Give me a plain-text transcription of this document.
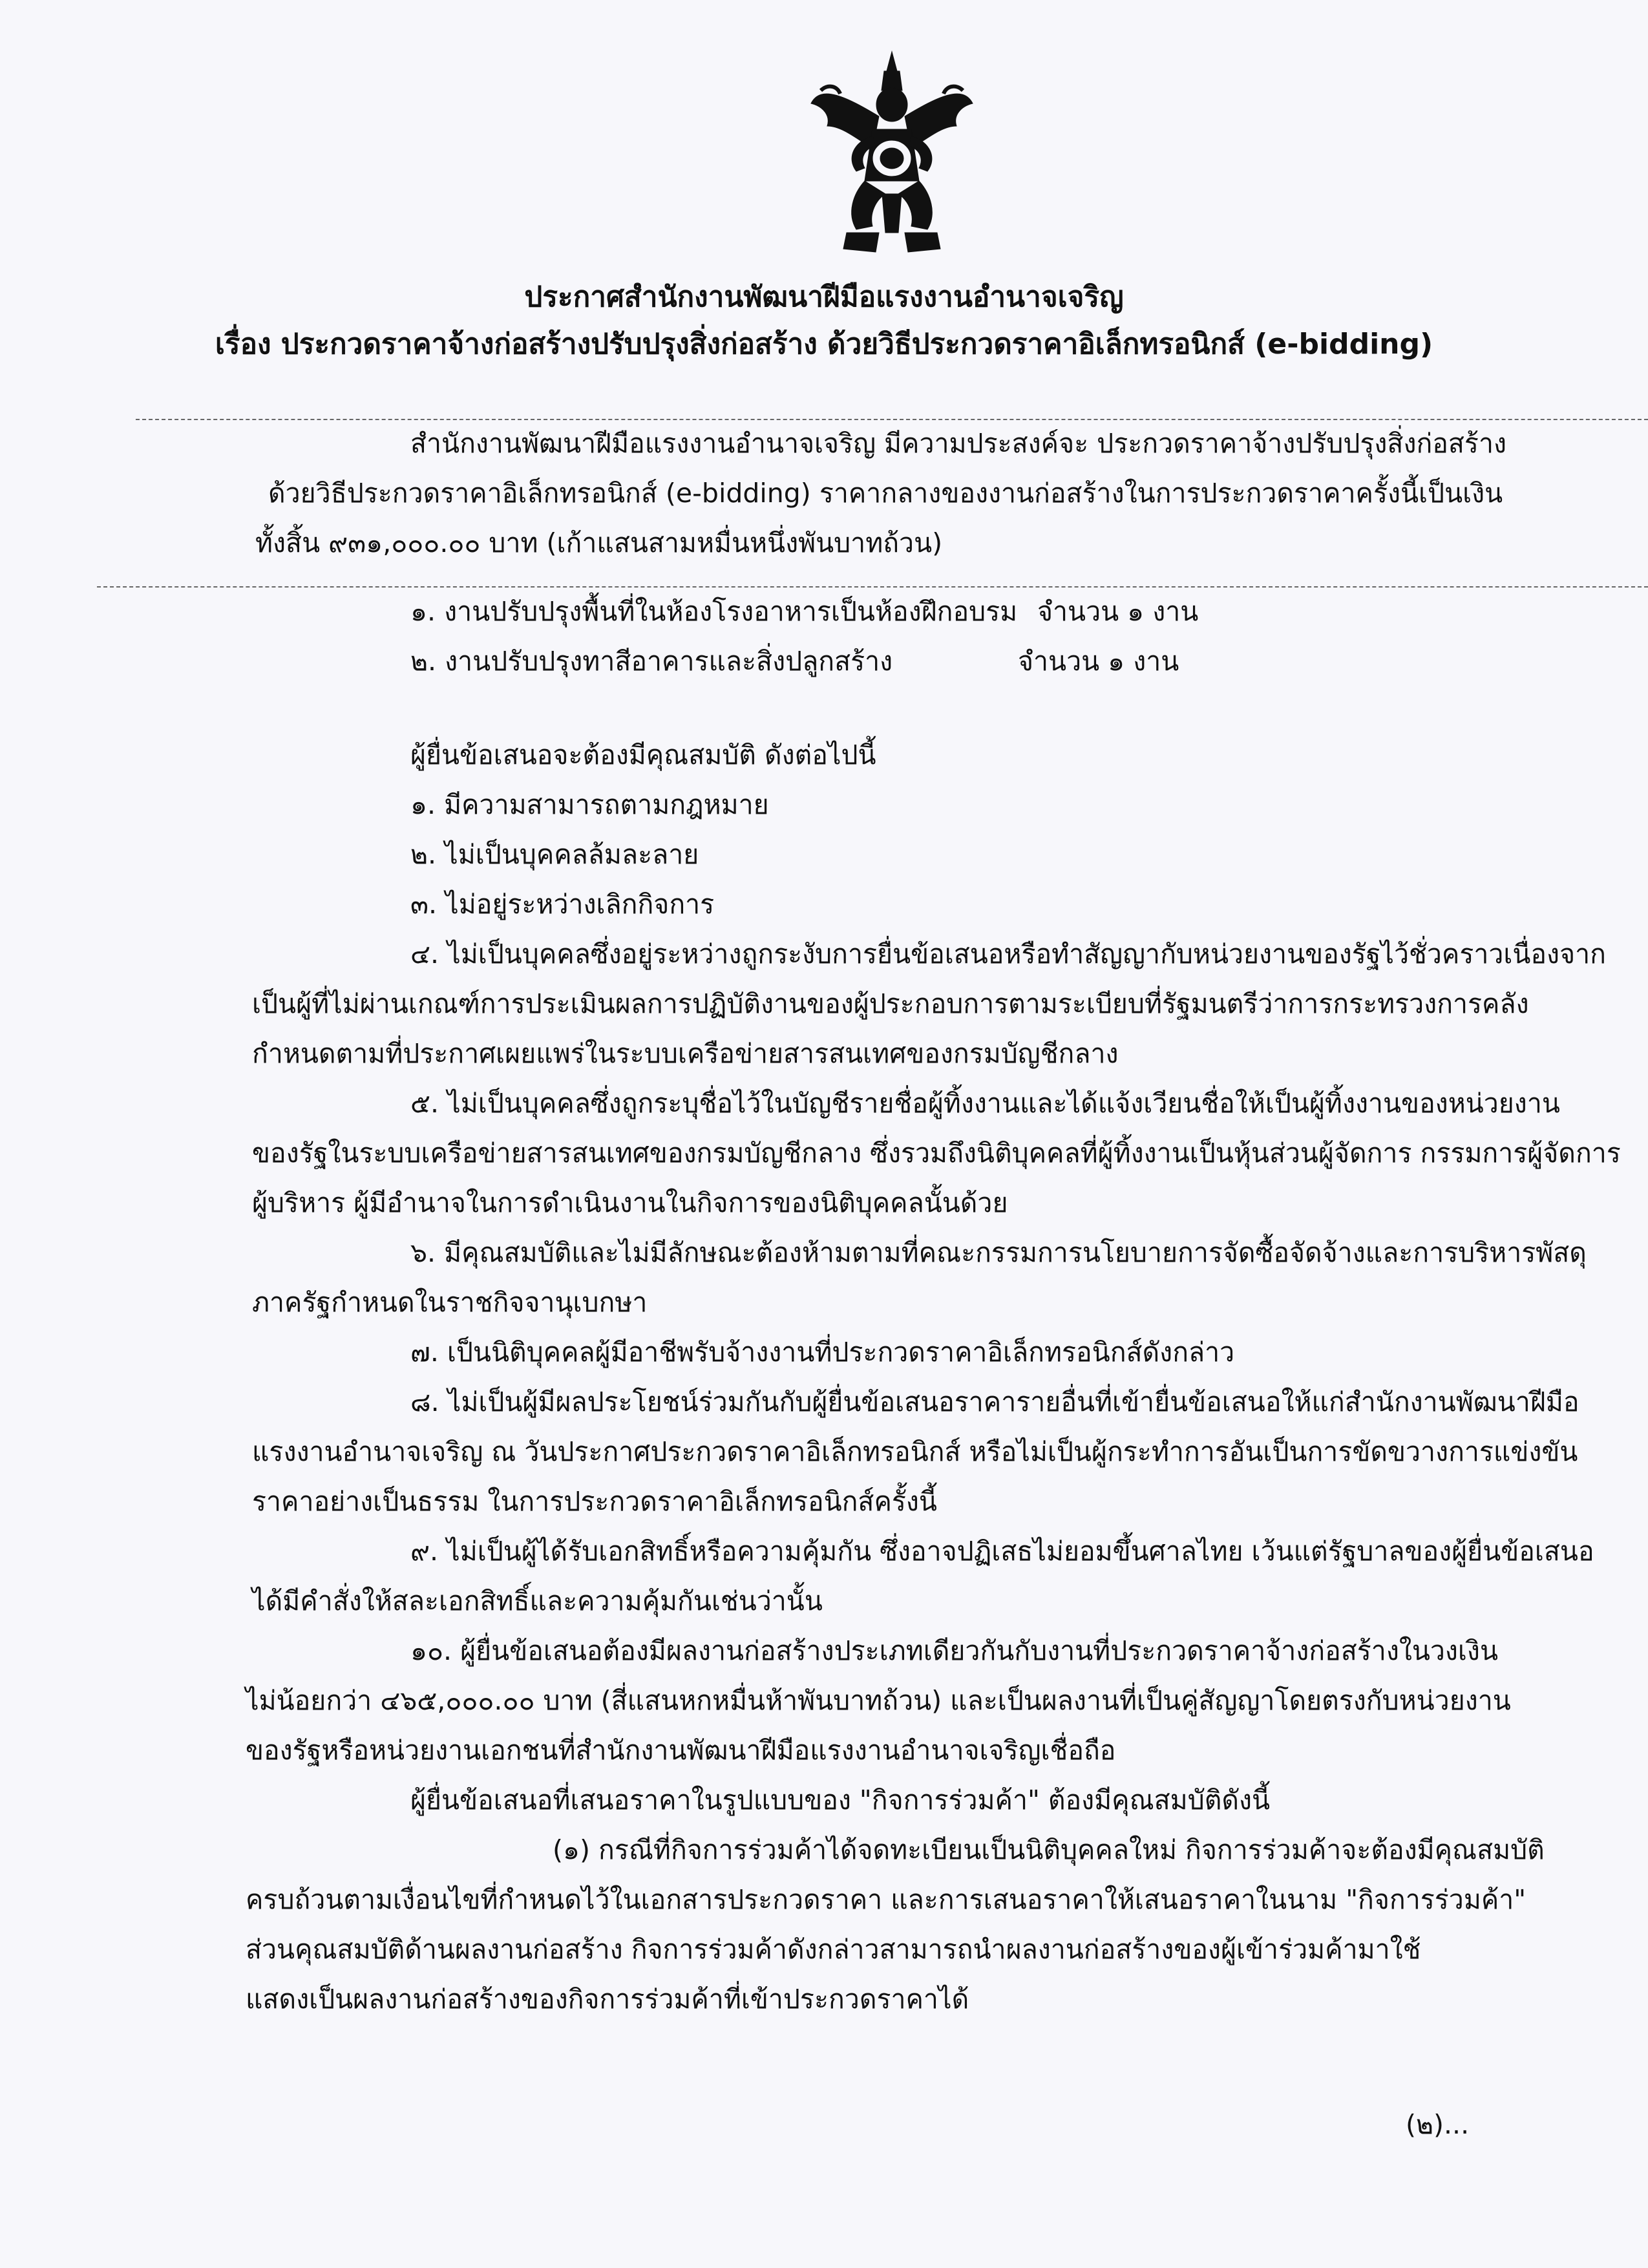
ประกาศสำนักงานพัฒนาฝีมือแรงงานอำนาจเจริญ
เรื่อง ประกวดราคาจ้างก่อสร้างปรับปรุงสิ่งก่อสร้าง ด้วยวิธีประกวดราคาอิเล็กทรอนิกส์ (e-bidding)
สำนักงานพัฒนาฝีมือแรงงานอำนาจเจริญ มีความประสงค์จะ ประกวดราคาจ้างปรับปรุงสิ่งก่อสร้าง
ด้วยวิธีประกวดราคาอิเล็กทรอนิกส์ (e-bidding) ราคากลางของงานก่อสร้างในการประกวดราคาครั้งนี้เป็นเงิน
ทั้งสิ้น ๙๓๑,๐๐๐.๐๐ บาท (เก้าแสนสามหมื่นหนึ่งพันบาทถ้วน)
๑. งานปรับปรุงพื้นที่ในห้องโรงอาหารเป็นห้องฝึกอบรม จำนวน ๑ งาน
๒. งานปรับปรุงทาสีอาคารและสิ่งปลูกสร้าง	จำนวน ๑ งาน
ผู้ยื่นข้อเสนอจะต้องมีคุณสมบัติ ดังต่อไปนี้
๑. มีความสามารถตามกฎหมาย
๒. ไม่เป็นบุคคลล้มละลาย
๓. ไม่อยู่ระหว่างเลิกกิจการ
๔. ไม่เป็นบุคคลซึ่งอยู่ระหว่างถูกระงับการยื่นข้อเสนอหรือทำสัญญากับหน่วยงานของรัฐไว้ชั่วคราวเนื่องจาก
เป็นผู้ที่ไม่ผ่านเกณฑ์การประเมินผลการปฏิบัติงานของผู้ประกอบการตามระเบียบที่รัฐมนตรีว่าการกระทรวงการคลัง
กำหนดตามที่ประกาศเผยแพร่ในระบบเครือข่ายสารสนเทศของกรมบัญชีกลาง
๕. ไม่เป็นบุคคลซึ่งถูกระบุชื่อไว้ในบัญชีรายชื่อผู้ทิ้งงานและได้แจ้งเวียนชื่อให้เป็นผู้ทิ้งงานของหน่วยงาน
ของรัฐในระบบเครือข่ายสารสนเทศของกรมบัญชีกลาง ซึ่งรวมถึงนิติบุคคลที่ผู้ทิ้งงานเป็นหุ้นส่วนผู้จัดการ กรรมการผู้จัดการ
ผู้บริหาร ผู้มีอำนาจในการดำเนินงานในกิจการของนิติบุคคลนั้นด้วย
๖. มีคุณสมบัติและไม่มีลักษณะต้องห้ามตามที่คณะกรรมการนโยบายการจัดซื้อจัดจ้างและการบริหารพัสดุ
ภาครัฐกำหนดในราชกิจจานุเบกษา
๗. เป็นนิติบุคคลผู้มีอาชีพรับจ้างงานที่ประกวดราคาอิเล็กทรอนิกส์ดังกล่าว
๘. ไม่เป็นผู้มีผลประโยชน์ร่วมกันกับผู้ยื่นข้อเสนอราคารายอื่นที่เข้ายื่นข้อเสนอให้แก่สำนักงานพัฒนาฝีมือ
แรงงานอำนาจเจริญ ณ วันประกาศประกวดราคาอิเล็กทรอนิกส์ หรือไม่เป็นผู้กระทำการอันเป็นการขัดขวางการแข่งขัน
ราคาอย่างเป็นธรรม ในการประกวดราคาอิเล็กทรอนิกส์ครั้งนี้
๙. ไม่เป็นผู้ได้รับเอกสิทธิ์หรือความคุ้มกัน ซึ่งอาจปฏิเสธไม่ยอมขึ้นศาลไทย เว้นแต่รัฐบาลของผู้ยื่นข้อเสนอ
ได้มีคำสั่งให้สละเอกสิทธิ์และความคุ้มกันเช่นว่านั้น
๑๐. ผู้ยื่นข้อเสนอต้องมีผลงานก่อสร้างประเภทเดียวกันกับงานที่ประกวดราคาจ้างก่อสร้างในวงเงิน
ไม่น้อยกว่า ๔๖๕,๐๐๐.๐๐ บาท (สี่แสนหกหมื่นห้าพันบาทถ้วน) และเป็นผลงานที่เป็นคู่สัญญาโดยตรงกับหน่วยงาน
ของรัฐหรือหน่วยงานเอกชนที่สำนักงานพัฒนาฝีมือแรงงานอำนาจเจริญเชื่อถือ
ผู้ยื่นข้อเสนอที่เสนอราคาในรูปแบบของ "กิจการร่วมค้า" ต้องมีคุณสมบัติดังนี้
(๑) กรณีที่กิจการร่วมค้าได้จดทะเบียนเป็นนิติบุคคลใหม่ กิจการร่วมค้าจะต้องมีคุณสมบัติ
ครบถ้วนตามเงื่อนไขที่กำหนดไว้ในเอกสารประกวดราคา และการเสนอราคาให้เสนอราคาในนาม "กิจการร่วมค้า"
ส่วนคุณสมบัติด้านผลงานก่อสร้าง กิจการร่วมค้าดังกล่าวสามารถนำผลงานก่อสร้างของผู้เข้าร่วมค้ามาใช้
แสดงเป็นผลงานก่อสร้างของกิจการร่วมค้าที่เข้าประกวดราคาได้
(๒)...
